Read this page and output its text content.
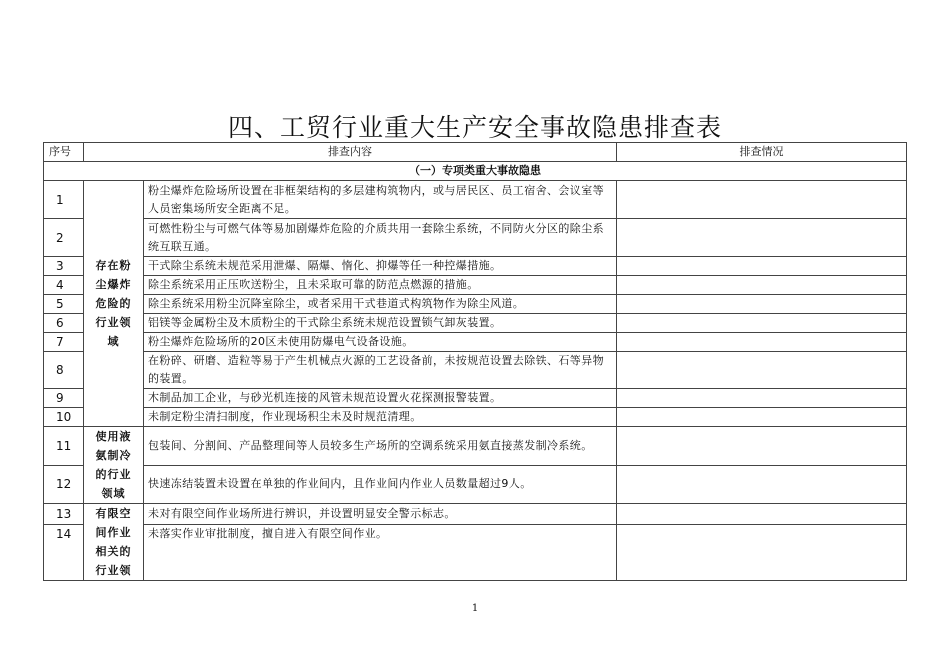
四、工贸行业重大生产安全事故隐患排查表
序号	排查内容		排查情况
（一）专项类重大事故隐患			
1	存在粉尘爆炸危险的行业领域	粉尘爆炸危险场所设置在非框架结构的多层建构筑物内，或与居民区、员工宿舍、会议室等人员密集场所安全距离不足。	
2		可燃性粉尘与可燃气体等易加剧爆炸危险的介质共用一套除尘系统，不同防火分区的除尘系统互联互通。	
3		干式除尘系统未规范采用泄爆、隔爆、惰化、抑爆等任一种控爆措施。	
4		除尘系统采用正压吹送粉尘，且未采取可靠的防范点燃源的措施。	
5		除尘系统采用粉尘沉降室除尘，或者采用干式巷道式构筑物作为除尘风道。	
6		铝镁等金属粉尘及木质粉尘的干式除尘系统未规范设置锁气卸灰装置。	
7		粉尘爆炸危险场所的20区未使用防爆电气设备设施。	
8		在粉碎、研磨、造粒等易于产生机械点火源的工艺设备前，未按规范设置去除铁、石等异物的装置。	
9		木制品加工企业，与砂光机连接的风管未规范设置火花探测报警装置。	
10		未制定粉尘清扫制度，作业现场积尘未及时规范清理。	
11	使用液氨制冷的行业领域	包装间、分割间、产品整理间等人员较多生产场所的空调系统采用氨直接蒸发制冷系统。	
12		快速冻结装置未设置在单独的作业间内，且作业间内作业人员数量超过9人。	
13	有限空间作业相关的行业领	未对有限空间作业场所进行辨识，并设置明显安全警示标志。	
14		未落实作业审批制度，擅自进入有限空间作业。	
1
